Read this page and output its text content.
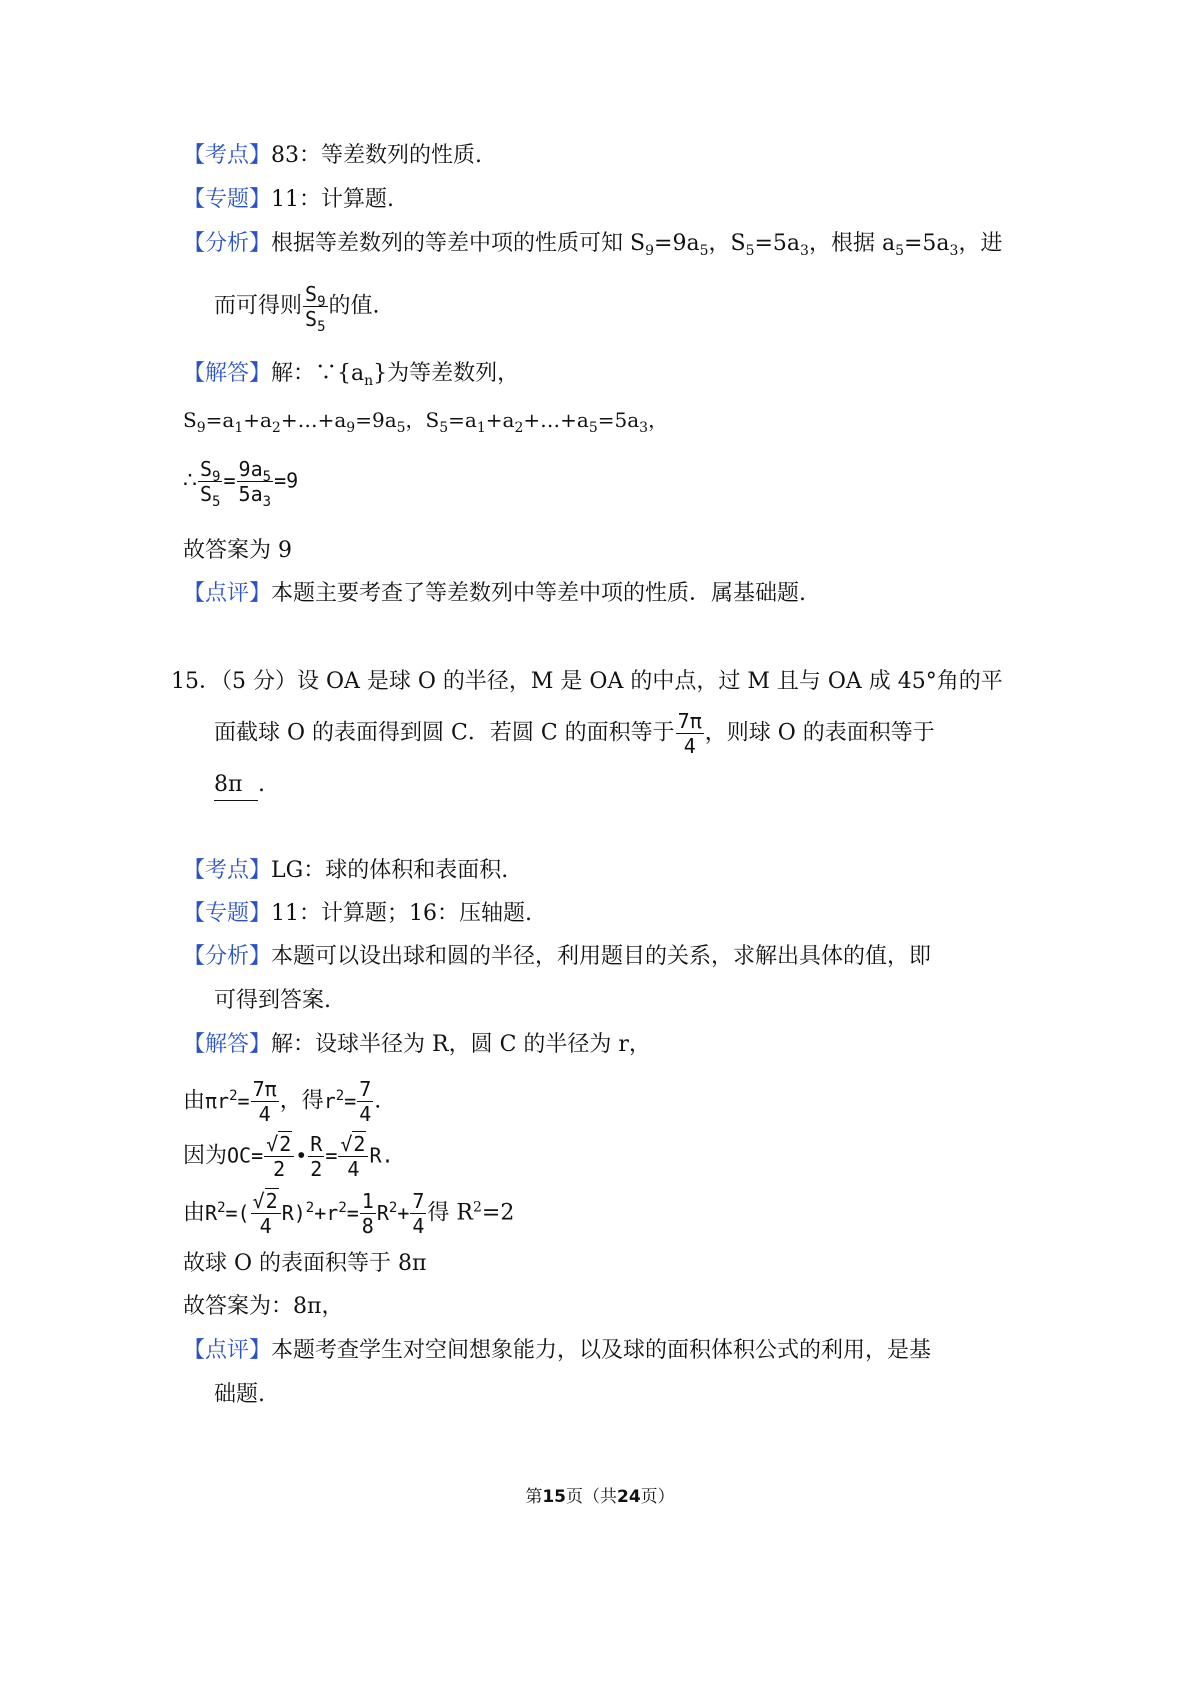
【考点】83：等差数列的性质.
【专题】11：计算题.
【分析】根据等差数列的等差中项的性质可知 $S_9=9a_5$，$S_5=5a_3$，根据 $a_5=5a_3$，进
而可得则 $\frac{S_9}{S_5}$ 的值.
【解答】解：$\because\{a_n\}$为等差数列，
$S_9=a_1+a_2+\dots+a_9=9a_5$，$S_5=a_1+a_2+\dots+a_5=5a_3$，
∴ $\frac{S_9}{S_5} = \frac{9a_5}{5a_3} =9$
故答案为 9
【点评】本题主要考查了等差数列中等差中项的性质．属基础题.
15．（5 分）设 OA 是球 O 的半径，M 是 OA 的中点，过 M 且与 OA 成 45°角的平
面截球 O 的表面得到圆 C．若圆 C 的面积等于 $\frac{7\pi}{4}$ ，则球 O 的表面积等于
8π .
【考点】LG：球的体积和表面积.
【专题】11：计算题；16：压轴题.
【分析】本题可以设出球和圆的半径，利用题目的关系，求解出具体的值，即
可得到答案.
【解答】解：设球半径为 R，圆 C 的半径为 r，
由$\pi r^2= \frac{7\pi}{4}$ ，得$r^2= \frac{7}{4}$ .
因为$OC= \frac{√2}{2}$ • $\frac{R}{2} = \frac{√2}{4} R$.
由$R^2=( \frac{√2}{4} R)^2+r^2= \frac{1}{8} R^2+ \frac{7}{4}$ 得 $R^2=2$
故球 O 的表面积等于 8π
故答案为：8π，
【点评】本题考查学生对空间想象能力，以及球的面积体积公式的利用，是基
础题.
第15页（共24页）
